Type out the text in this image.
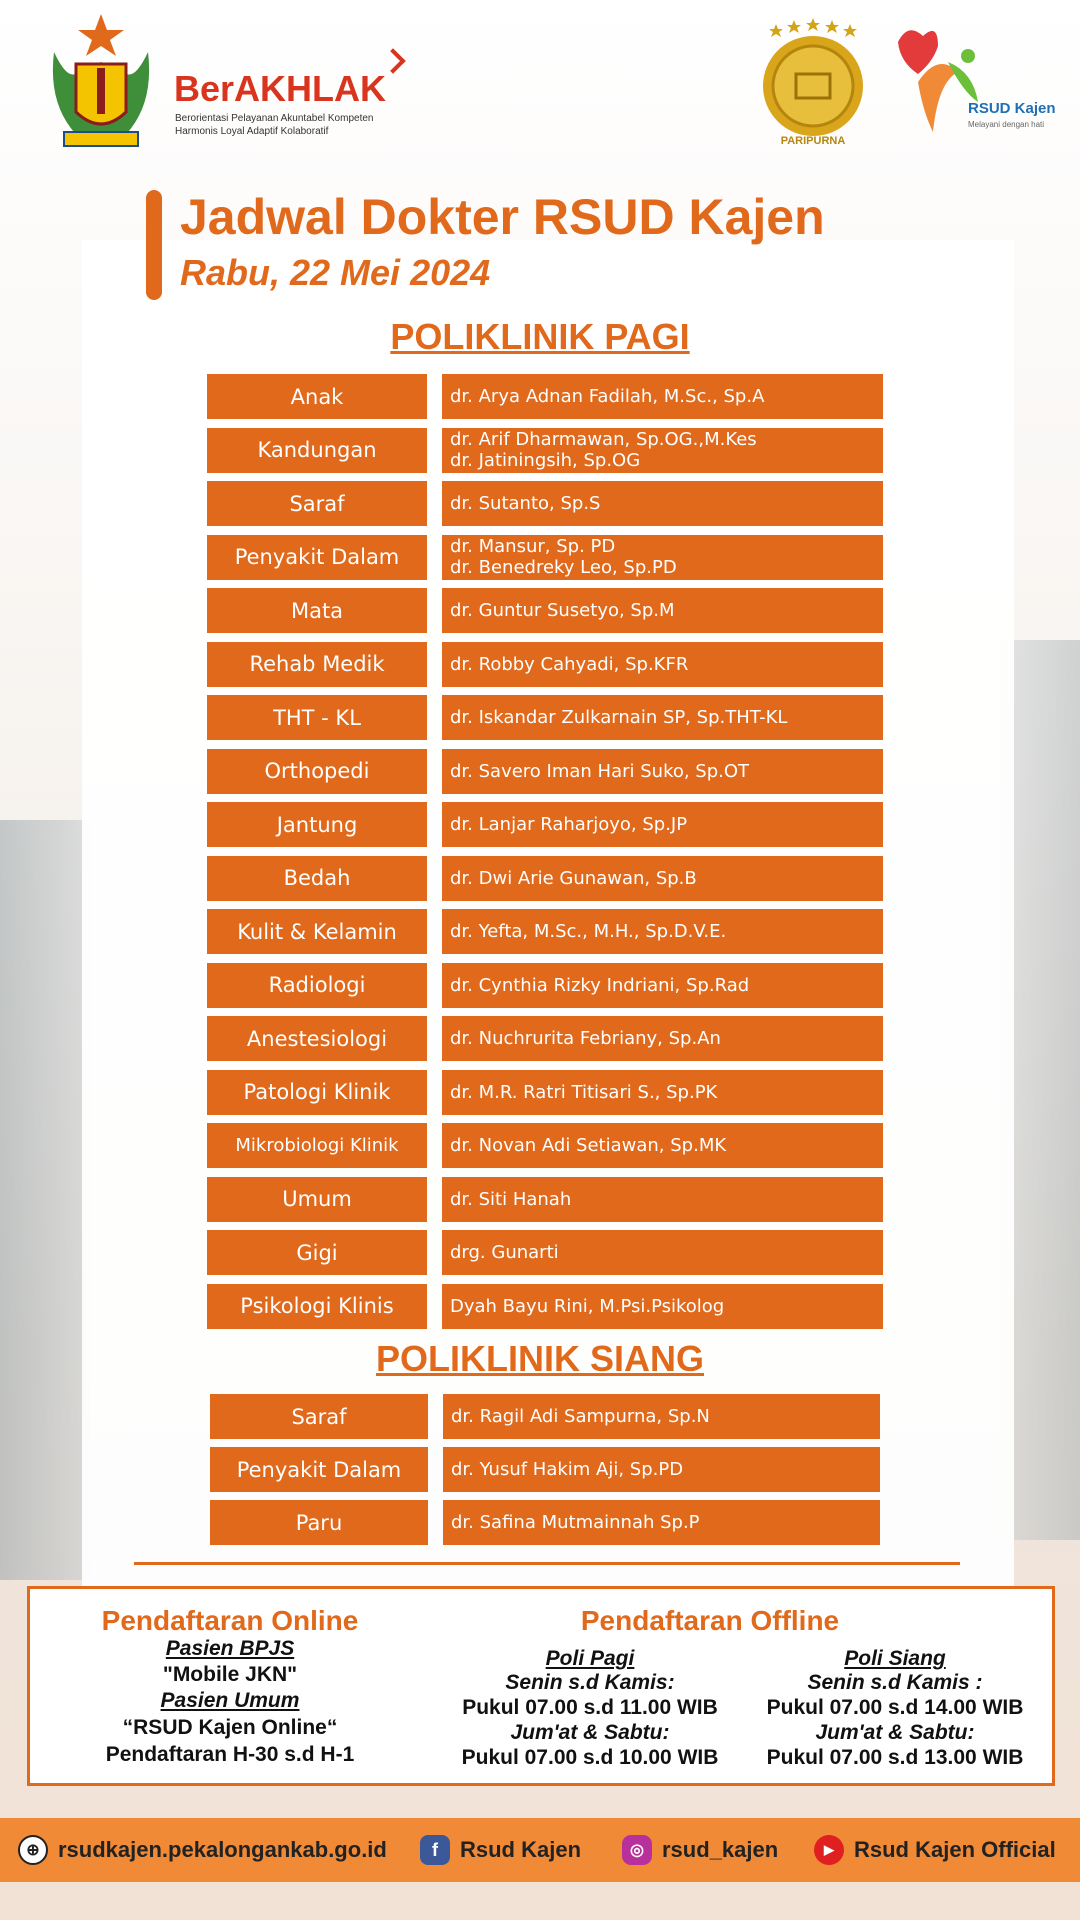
BerAKHLAK
Berorientasi Pelayanan Akuntabel Kompeten
Harmonis Loyal Adaptif Kolaboratif
PARIPURNA
RSUD Kajen
Melayani dengan hati
Jadwal Dokter RSUD Kajen
Rabu, 22 Mei 2024
POLIKLINIK PAGI
Anak	dr. Arya Adnan Fadilah, M.Sc., Sp.A
Kandungan	dr. Arif Dharmawan, Sp.OG.,M.Kes
dr. Jatiningsih, Sp.OG
Saraf	dr. Sutanto, Sp.S
Penyakit Dalam	dr. Mansur, Sp. PD
dr. Benedreky Leo, Sp.PD
Mata	dr. Guntur Susetyo, Sp.M
Rehab Medik	dr. Robby Cahyadi, Sp.KFR
THT - KL	dr. Iskandar Zulkarnain SP, Sp.THT-KL
Orthopedi	dr. Savero Iman Hari Suko, Sp.OT
Jantung	dr. Lanjar Raharjoyo, Sp.JP
Bedah	dr. Dwi Arie Gunawan, Sp.B
Kulit & Kelamin	dr. Yefta, M.Sc., M.H., Sp.D.V.E.
Radiologi	dr. Cynthia Rizky Indriani, Sp.Rad
Anestesiologi	dr. Nuchrurita Febriany, Sp.An
Patologi Klinik	dr. M.R. Ratri Titisari S., Sp.PK
Mikrobiologi Klinik	dr. Novan Adi Setiawan, Sp.MK
Umum	dr. Siti Hanah
Gigi	drg. Gunarti
Psikologi Klinis	Dyah Bayu Rini, M.Psi.Psikolog
POLIKLINIK SIANG
Saraf	dr. Ragil Adi Sampurna, Sp.N
Penyakit Dalam	dr. Yusuf Hakim Aji, Sp.PD
Paru	dr. Safina Mutmainnah Sp.P
Pendaftaran Online
Pasien BPJS
"Mobile JKN"
Pasien Umum
“RSUD Kajen Online“
Pendaftaran H-30 s.d H-1
Pendaftaran Offline
Poli Pagi
Senin s.d Kamis:
Pukul 07.00 s.d 11.00 WIB
Jum'at & Sabtu:
Pukul 07.00 s.d 10.00 WIB
Poli Siang
Senin s.d Kamis :
Pukul 07.00 s.d 14.00 WIB
Jum'at & Sabtu:
Pukul 07.00 s.d 13.00 WIB
⊕ rsudkajen.pekalongankab.go.id	f	Rsud Kajen	◎ rsud_kajen	▶ Rsud Kajen Official
